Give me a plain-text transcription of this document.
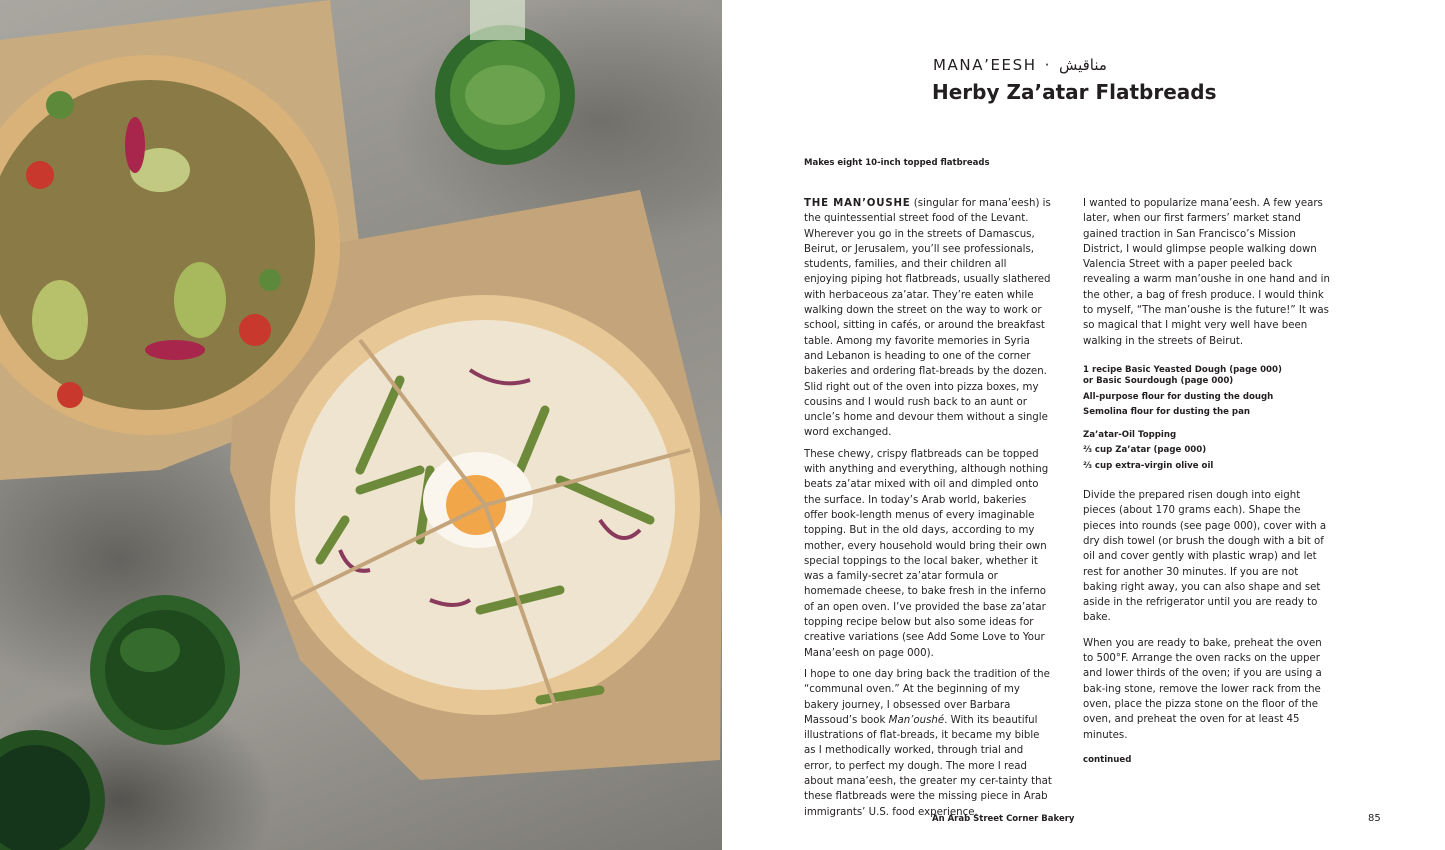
MANA’EESH · مناقيش
Herby Za’atar Flatbreads
Makes eight 10-inch topped flatbreads

THE MAN’OUSHE (singular for mana’eesh) is the quintessential street food of the Levant. Wherever you go in the streets of Damascus, Beirut, or Jerusalem, you’ll see professionals, students, families, and their children all enjoying piping hot flatbreads, usually slathered with herbaceous za’atar. They’re eaten while walking down the street on the way to work or school, sitting in cafés, or around the breakfast table. Among my favorite memories in Syria and Lebanon is heading to one of the corner bakeries and ordering flat-breads by the dozen. Slid right out of the oven into pizza boxes, my cousins and I would rush back to an aunt or uncle’s home and devour them without a single word exchanged.

These chewy, crispy flatbreads can be topped with anything and everything, although nothing beats za’atar mixed with oil and dimpled onto the surface. In today’s Arab world, bakeries offer book-length menus of every imaginable topping. But in the old days, according to my mother, every household would bring their own special toppings to the local baker, whether it was a family-secret za’atar formula or homemade cheese, to bake fresh in the inferno of an open oven. I’ve provided the base za’atar topping recipe below but also some ideas for creative variations (see Add Some Love to Your Mana’eesh on page 000).

I hope to one day bring back the tradition of the “communal oven.” At the beginning of my bakery journey, I obsessed over Barbara Massoud’s book Man’oushé. With its beautiful illustrations of flat-breads, it became my bible as I methodically worked, through trial and error, to perfect my dough. The more I read about mana’eesh, the greater my cer-tainty that these flatbreads were the missing piece in Arab immigrants’ U.S. food experience.

I wanted to popularize mana’eesh. A few years later, when our first farmers’ market stand gained traction in San Francisco’s Mission District, I would glimpse people walking down Valencia Street with a paper peeled back revealing a warm man’oushe in one hand and in the other, a bag of fresh produce. I would think to myself, “The man’oushe is the future!” It was so magical that I might very well have been walking in the streets of Beirut.

1 recipe Basic Yeasted Dough (page 000)
or Basic Sourdough (page 000)
All-purpose flour for dusting the dough
Semolina flour for dusting the pan
Za’atar-Oil Topping
⅔ cup Za’atar (page 000)
⅔ cup extra-virgin olive oil

Divide the prepared risen dough into eight pieces (about 170 grams each). Shape the pieces into rounds (see page 000), cover with a dry dish towel (or brush the dough with a bit of oil and cover gently with plastic wrap) and let rest for another 30 minutes. If you are not baking right away, you can also shape and set aside in the refrigerator until you are ready to bake.

When you are ready to bake, preheat the oven to 500°F. Arrange the oven racks on the upper and lower thirds of the oven; if you are using a bak-ing stone, remove the lower rack from the oven, place the pizza stone on the floor of the oven, and preheat the oven for at least 45 minutes.

continued
An Arab Street Corner Bakery	85
